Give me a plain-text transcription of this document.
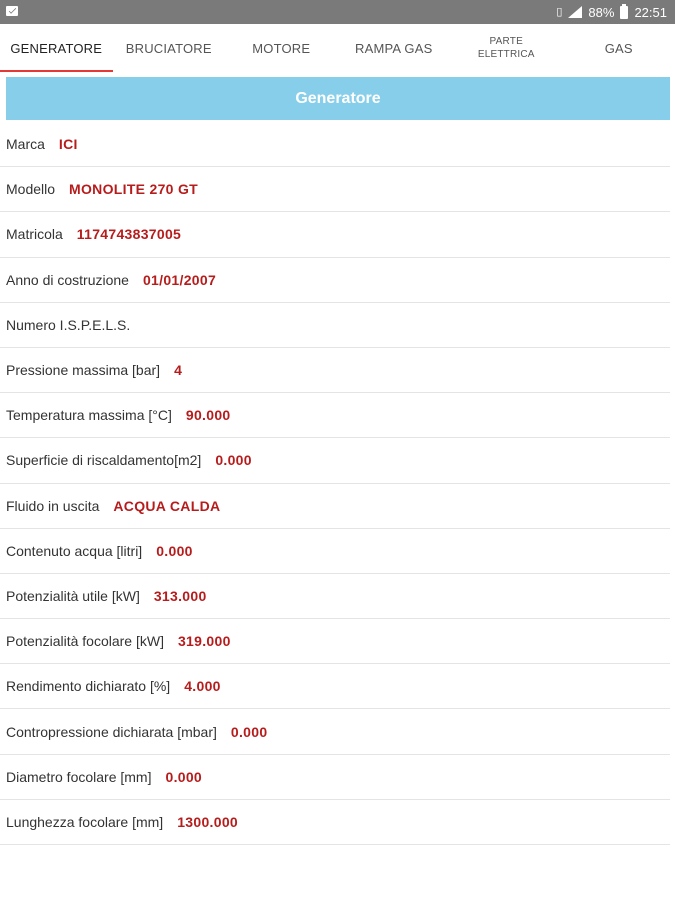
▯ 88% 22:51
GENERATORE BRUCIATORE	MOTORE	RAMPA GAS	PARTE ELETTRICA	GAS
Generatore
Marca ICI
Modello MONOLITE 270 GT
Matricola 1174743837005
Anno di costruzione 01/01/2007
Numero I.S.P.E.L.S.
Pressione massima [bar] 4
Temperatura massima [°C] 90.000
Superficie di riscaldamento[m2] 0.000
Fluido in uscita ACQUA CALDA
Contenuto acqua [litri] 0.000
Potenzialità utile [kW] 313.000
Potenzialità focolare [kW] 319.000
Rendimento dichiarato [%] 4.000
Contropressione dichiarata [mbar] 0.000
Diametro focolare [mm] 0.000
Lunghezza focolare [mm] 1300.000
